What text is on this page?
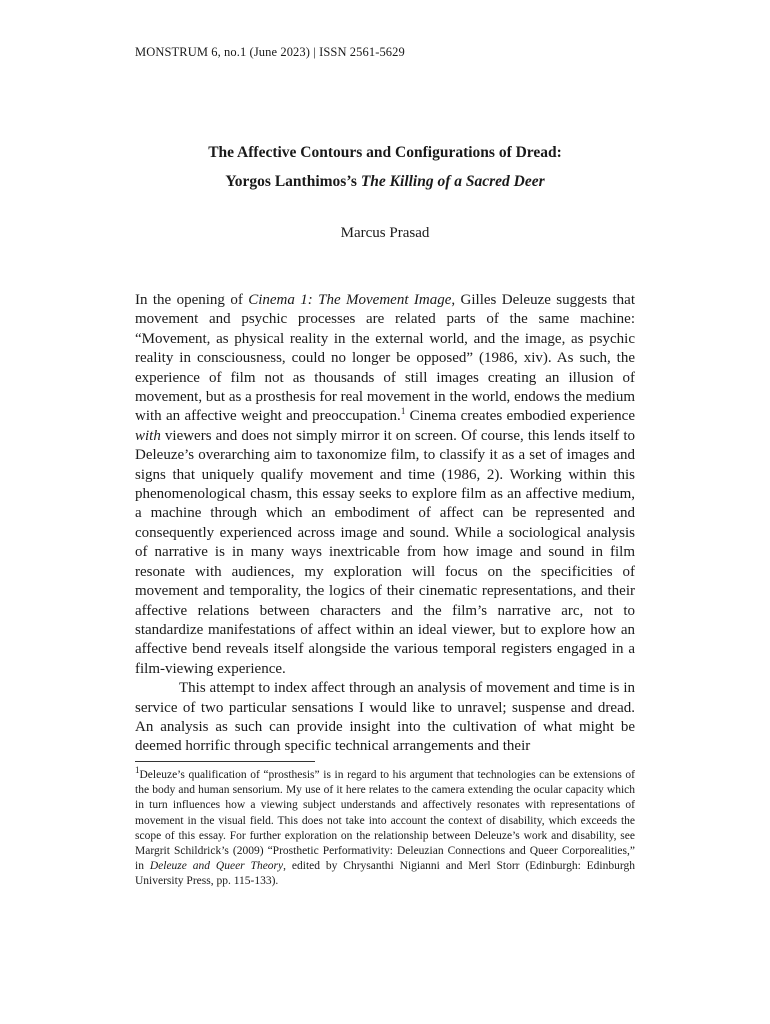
MONSTRUM 6, no.1 (June 2023) | ISSN 2561-5629
The Affective Contours and Configurations of Dread:
Yorgos Lanthimos’s The Killing of a Sacred Deer
Marcus Prasad

In the opening of Cinema 1: The Movement Image, Gilles Deleuze suggests that movement and psychic processes are related parts of the same machine: “Movement, as physical reality in the external world, and the image, as psychic reality in consciousness, could no longer be opposed” (1986, xiv). As such, the experience of film not as thousands of still images creating an illusion of movement, but as a prosthesis for real movement in the world, endows the medium with an affective weight and preoccupation.$^1$ Cinema creates embodied experience with viewers and does not simply mirror it on screen. Of course, this lends itself to Deleuze’s overarching aim to taxonomize film, to classify it as a set of images and signs that uniquely qualify movement and time (1986, 2). Working within this phenomenological chasm, this essay seeks to explore film as an affective medium, a machine through which an embodiment of affect can be represented and consequently experienced across image and sound. While a sociological analysis of narrative is in many ways inextricable from how image and sound in film resonate with audiences, my exploration will focus on the specificities of movement and temporality, the logics of their cinematic representations, and their affective relations between characters and the film’s narrative arc, not to standardize manifestations of affect within an ideal viewer, but to explore how an affective bend reveals itself alongside the various temporal registers engaged in a film-viewing experience.

This attempt to index affect through an analysis of movement and time is in service of two particular sensations I would like to unravel; suspense and dread. An analysis as such can provide insight into the cultivation of what might be deemed horrific through specific technical arrangements and their

$^1$Deleuze’s qualification of “prosthesis” is in regard to his argument that technologies can be extensions of the body and human sensorium. My use of it here relates to the camera extending the ocular capacity which in turn influences how a viewing subject understands and affectively resonates with representations of movement in the visual field. This does not take into account the context of disability, which exceeds the scope of this essay. For further exploration on the relationship between Deleuze’s work and disability, see Margrit Schildrick’s (2009) “Prosthetic Performativity: Deleuzian Connections and Queer Corporealities,” in Deleuze and Queer Theory, edited by Chrysanthi Nigianni and Merl Storr (Edinburgh: Edinburgh University Press, pp. 115-133).
